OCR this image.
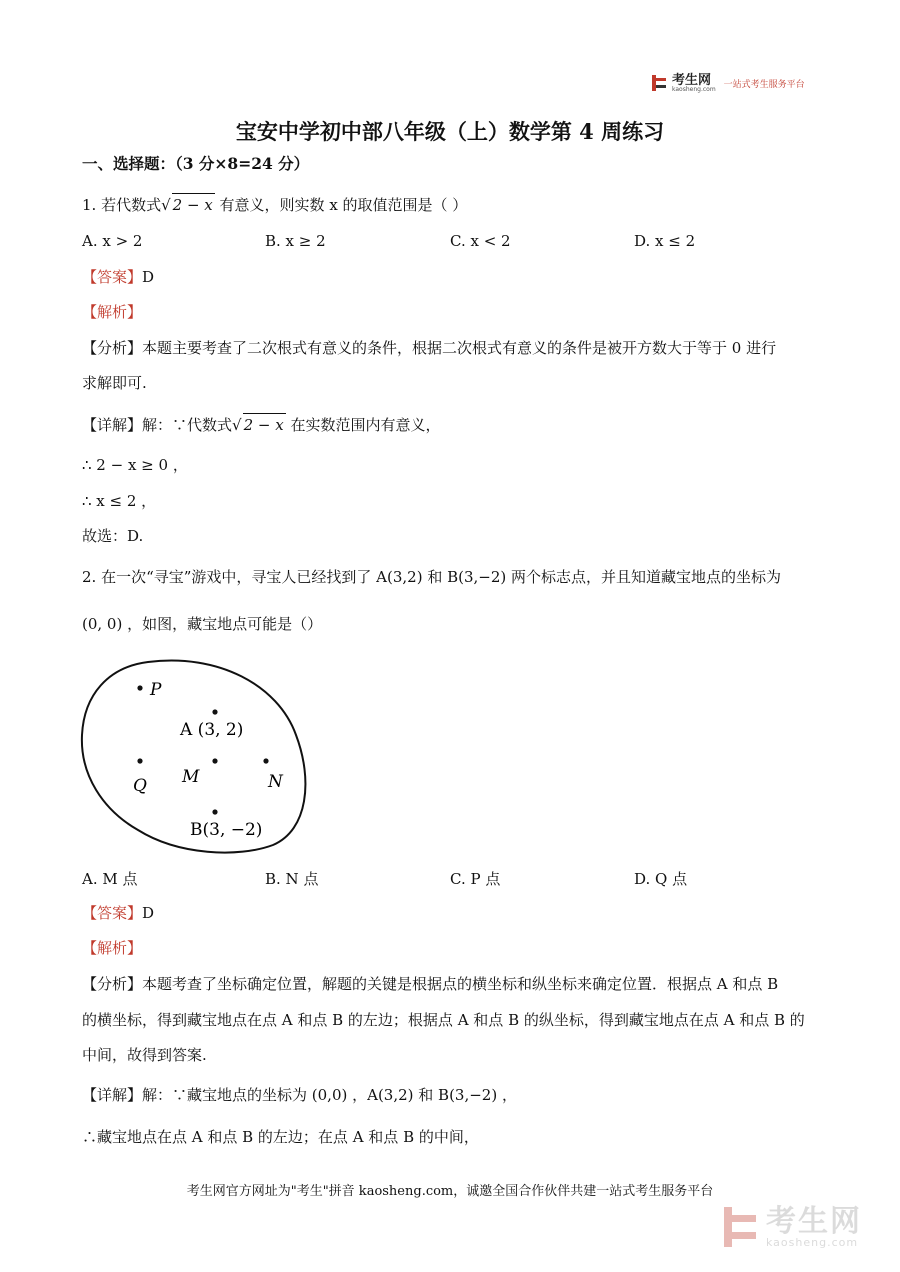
考生网
kaosheng.com 一站式考生服务平台
宝安中学初中部八年级（上）数学第 4 周练习
一、选择题：（3 分×8=24 分）
1. 若代数式√ 2 − x 有意义，则实数 x 的取值范围是（ ）
A. x > 2	B. x ≥ 2	C. x < 2	D. x ≤ 2
【答案】D
【解析】
【分析】本题主要考查了二次根式有意义的条件，根据二次根式有意义的条件是被开方数大于等于 0 进行
求解即可.
【详解】解：∵代数式√ 2 − x 在实数范围内有意义，
∴ 2 − x ≥ 0 ，
∴ x ≤ 2 ，
故选：D.
2. 在一次“寻宝”游戏中，寻宝人已经找到了 A(3,2) 和 B(3,−2) 两个标志点，并且知道藏宝地点的坐标为
(0, 0) ，如图，藏宝地点可能是（）
P
A (3, 2)
M
Q	N
B(3, −2)
A. M 点	B. N 点	C. P 点	D. Q 点
【答案】D
【解析】
【分析】本题考查了坐标确定位置，解题的关键是根据点的横坐标和纵坐标来确定位置．根据点 A 和点 B
的横坐标，得到藏宝地点在点 A 和点 B 的左边；根据点 A 和点 B 的纵坐标，得到藏宝地点在点 A 和点 B 的
中间，故得到答案.
【详解】解：∵藏宝地点的坐标为 (0,0) ，A(3,2) 和 B(3,−2) ，
∴藏宝地点在点 A 和点 B 的左边；在点 A 和点 B 的中间，
考生网官方网址为"考生"拼音 kaosheng.com，诚邀全国合作伙伴共建一站式考生服务平台
考生网
kaosheng.com
